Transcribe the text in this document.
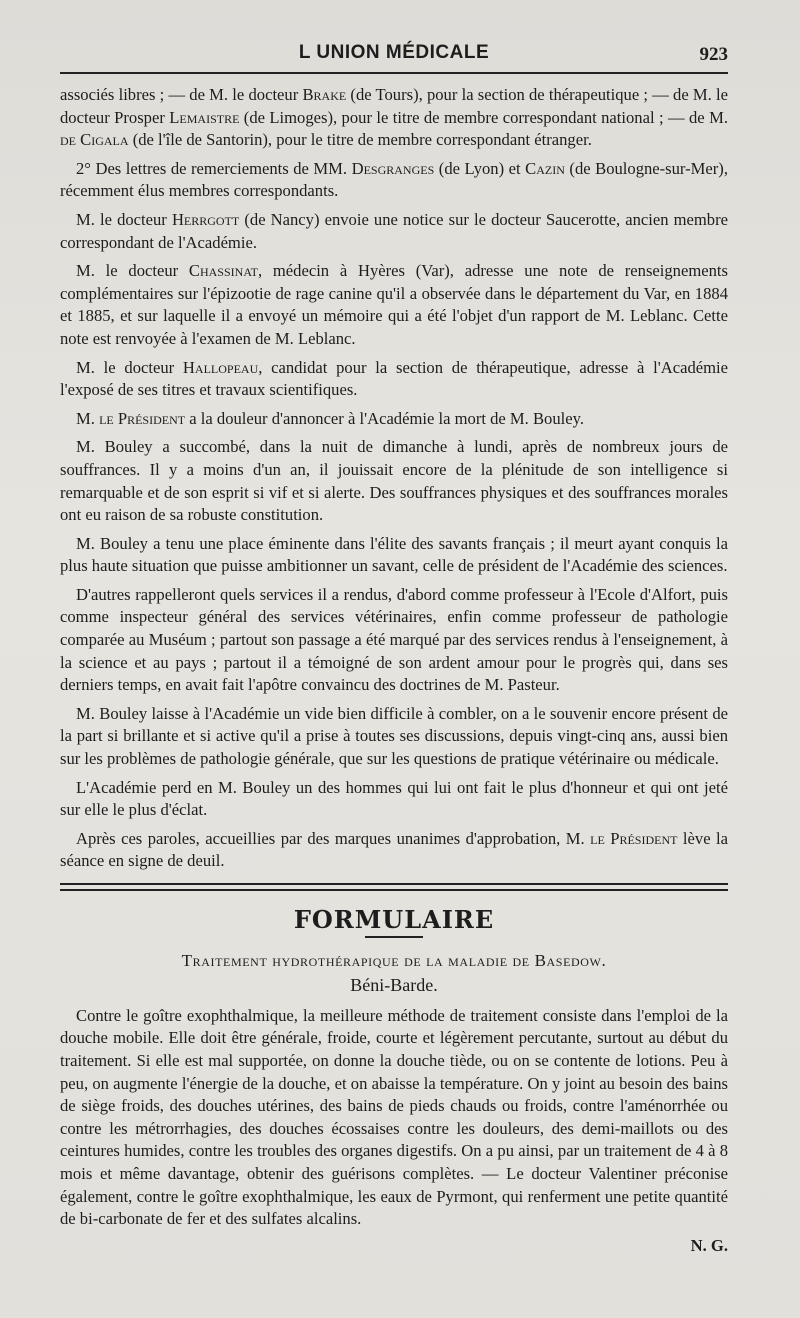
L UNION MÉDICALE	923

associés libres ; — de M. le docteur Brake (de Tours), pour la section de thérapeutique ; — de M. le docteur Prosper Lemaistre (de Limoges), pour le titre de membre correspondant national ; — de M. de Cigala (de l'île de Santorin), pour le titre de membre correspondant étranger.

2° Des lettres de remerciements de MM. Desgranges (de Lyon) et Cazin (de Boulogne-sur-Mer), récemment élus membres correspondants.

M. le docteur Herrgott (de Nancy) envoie une notice sur le docteur Saucerotte, ancien membre correspondant de l'Académie.

M. le docteur Chassinat, médecin à Hyères (Var), adresse une note de renseignements complémentaires sur l'épizootie de rage canine qu'il a observée dans le département du Var, en 1884 et 1885, et sur laquelle il a envoyé un mémoire qui a été l'objet d'un rapport de M. Leblanc. Cette note est renvoyée à l'examen de M. Leblanc.

M. le docteur Hallopeau, candidat pour la section de thérapeutique, adresse à l'Académie l'exposé de ses titres et travaux scientifiques.

M. le Président a la douleur d'annoncer à l'Académie la mort de M. Bouley.

M. Bouley a succombé, dans la nuit de dimanche à lundi, après de nombreux jours de souffrances. Il y a moins d'un an, il jouissait encore de la plénitude de son intelligence si remarquable et de son esprit si vif et si alerte. Des souffrances physiques et des souffrances morales ont eu raison de sa robuste constitution.

M. Bouley a tenu une place éminente dans l'élite des savants français ; il meurt ayant conquis la plus haute situation que puisse ambitionner un savant, celle de président de l'Académie des sciences.

D'autres rappelleront quels services il a rendus, d'abord comme professeur à l'Ecole d'Alfort, puis comme inspecteur général des services vétérinaires, enfin comme professeur de pathologie comparée au Muséum ; partout son passage a été marqué par des services rendus à l'enseignement, à la science et au pays ; partout il a témoigné de son ardent amour pour le progrès qui, dans ses derniers temps, en avait fait l'apôtre convaincu des doctrines de M. Pasteur.

M. Bouley laisse à l'Académie un vide bien difficile à combler, on a le souvenir encore présent de la part si brillante et si active qu'il a prise à toutes ses discussions, depuis vingt-cinq ans, aussi bien sur les problèmes de pathologie générale, que sur les questions de pratique vétérinaire ou médicale.

L'Académie perd en M. Bouley un des hommes qui lui ont fait le plus d'honneur et qui ont jeté sur elle le plus d'éclat.

Après ces paroles, accueillies par des marques unanimes d'approbation, M. le Président lève la séance en signe de deuil.

FORMULAIRE
Traitement hydrothérapique de la maladie de Basedow.
Béni-Barde.

Contre le goître exophthalmique, la meilleure méthode de traitement consiste dans l'emploi de la douche mobile. Elle doit être générale, froide, courte et légèrement percutante, surtout au début du traitement. Si elle est mal supportée, on donne la douche tiède, ou on se contente de lotions. Peu à peu, on augmente l'énergie de la douche, et on abaisse la température. On y joint au besoin des bains de siège froids, des douches utérines, des bains de pieds chauds ou froids, contre l'aménorrhée ou contre les métrorrhagies, des douches écossaises contre les douleurs, des demi-maillots ou des ceintures humides, contre les troubles des organes digestifs. On a pu ainsi, par un traitement de 4 à 8 mois et même davantage, obtenir des guérisons complètes. — Le docteur Valentiner préconise également, contre le goître exophthalmique, les eaux de Pyrmont, qui renferment une petite quantité de bi-carbonate de fer et des sulfates alcalins.

N. G.
